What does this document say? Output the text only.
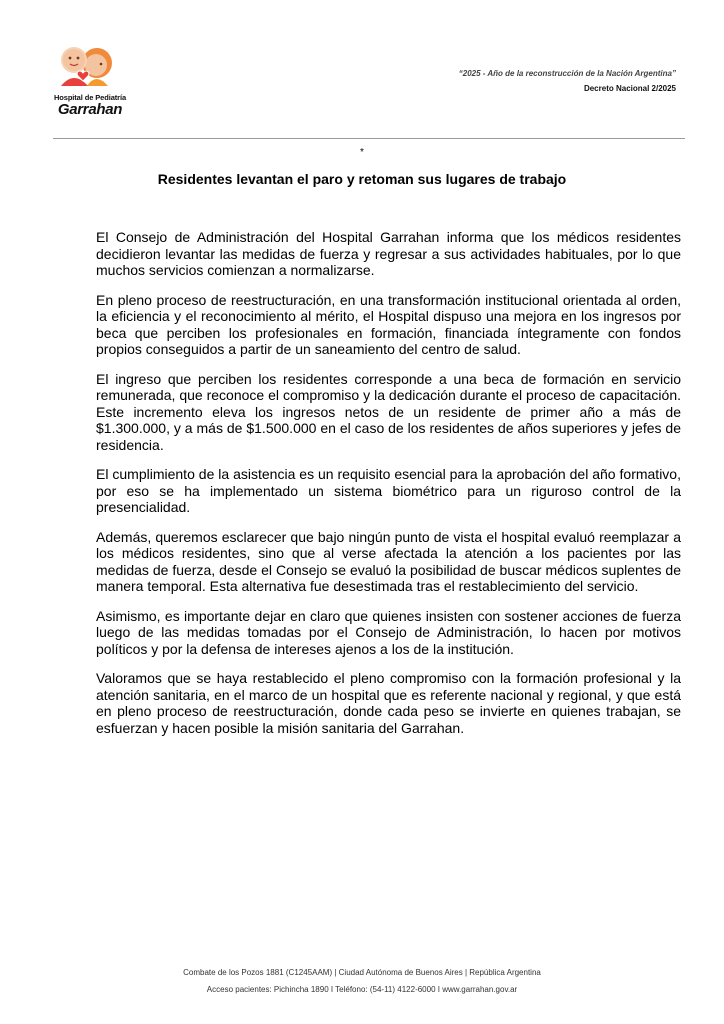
Hospital de Pediatría
Garrahan
“2025 - Año de la reconstrucción de la Nación Argentina”
Decreto Nacional 2/2025
*
Residentes levantan el paro y retoman sus lugares de trabajo

El Consejo de Administración del Hospital Garrahan informa que los médicos residentes decidieron levantar las medidas de fuerza y regresar a sus actividades habituales, por lo que muchos servicios comienzan a normalizarse.

En pleno proceso de reestructuración, en una transformación institucional orientada al orden, la eficiencia y el reconocimiento al mérito, el Hospital dispuso una mejora en los ingresos por beca que perciben los profesionales en formación, financiada íntegramente con fondos propios conseguidos a partir de un saneamiento del centro de salud.

El ingreso que perciben los residentes corresponde a una beca de formación en servicio remunerada, que reconoce el compromiso y la dedicación durante el proceso de capacitación. Este incremento eleva los ingresos netos de un residente de primer año a más de $1.300.000, y a más de $1.500.000 en el caso de los residentes de años superiores y jefes de residencia.

El cumplimiento de la asistencia es un requisito esencial para la aprobación del año formativo, por eso se ha implementado un sistema biométrico para un riguroso control de la presencialidad.

Además, queremos esclarecer que bajo ningún punto de vista el hospital evaluó reemplazar a los médicos residentes, sino que al verse afectada la atención a los pacientes por las medidas de fuerza, desde el Consejo se evaluó la posibilidad de buscar médicos suplentes de manera temporal. Esta alternativa fue desestimada tras el restablecimiento del servicio.

Asimismo, es importante dejar en claro que quienes insisten con sostener acciones de fuerza luego de las medidas tomadas por el Consejo de Administración, lo hacen por motivos políticos y por la defensa de intereses ajenos a los de la institución.

Valoramos que se haya restablecido el pleno compromiso con la formación profesional y la atención sanitaria, en el marco de un hospital que es referente nacional y regional, y que está en pleno proceso de reestructuración, donde cada peso se invierte en quienes trabajan, se esfuerzan y hacen posible la misión sanitaria del Garrahan.

Combate de los Pozos 1881 (C1245AAM) | Ciudad Autónoma de Buenos Aires | República Argentina
Acceso pacientes: Pichincha 1890 I Teléfono: (54-11) 4122-6000 I www.garrahan.gov.ar
